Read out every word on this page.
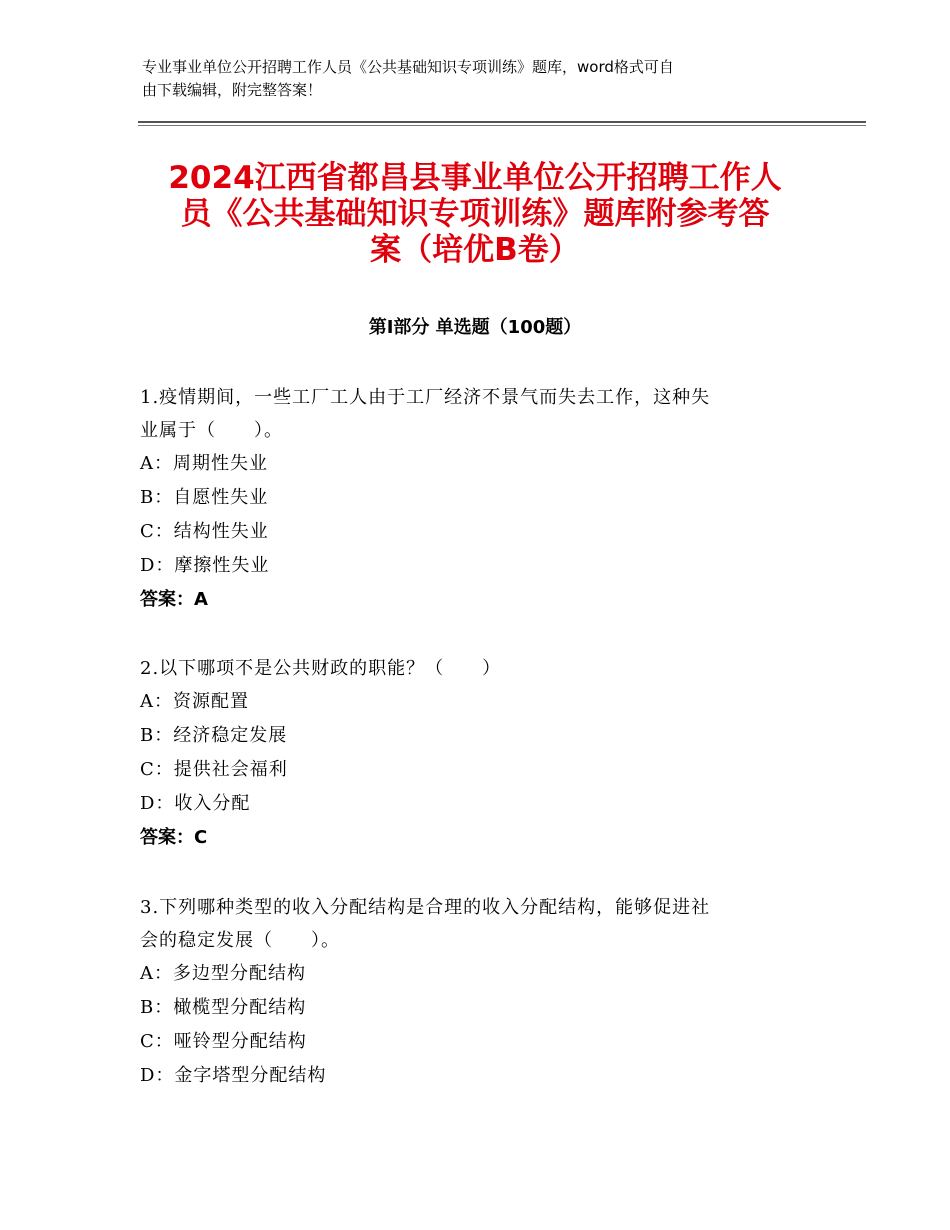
专业事业单位公开招聘工作人员《公共基础知识专项训练》题库，word格式可自
由下载编辑，附完整答案！
2024江西省都昌县事业单位公开招聘工作人
员《公共基础知识专项训练》题库附参考答
案（培优B卷）
第Ⅰ部分 单选题（100题）
1.疫情期间，一些工厂工人由于工厂经济不景气而失去工作，这种失
业属于（　　）。
A：周期性失业
B：自愿性失业
C：结构性失业
D：摩擦性失业
答案：A
2.以下哪项不是公共财政的职能？（　　）
A：资源配置
B：经济稳定发展
C：提供社会福利
D：收入分配
答案：C
3.下列哪种类型的收入分配结构是合理的收入分配结构，能够促进社
会的稳定发展（　　）。
A：多边型分配结构
B：橄榄型分配结构
C：哑铃型分配结构
D：金字塔型分配结构
